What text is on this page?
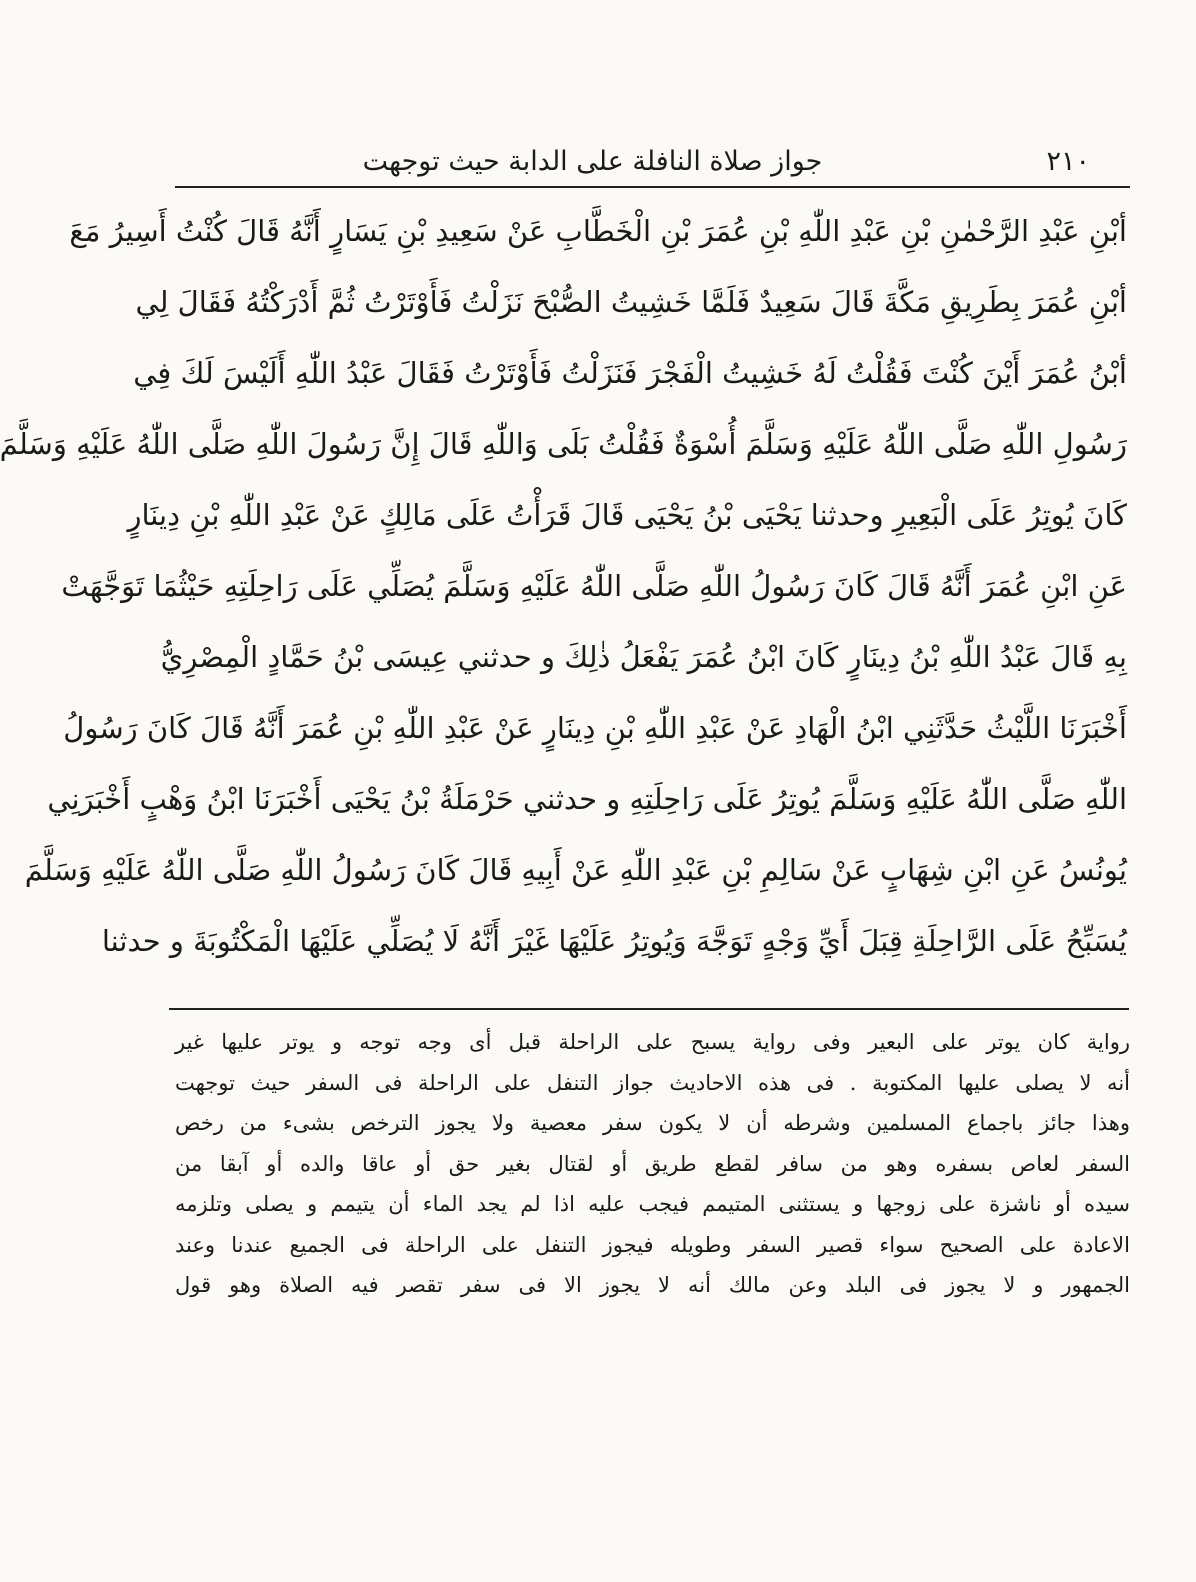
٢١٠
جواز صلاة النافلة على الدابة حيث توجهت
أبْنِ عَبْدِ الرَّحْمٰنِ بْنِ عَبْدِ اللّٰهِ بْنِ عُمَرَ بْنِ الْخَطَّابِ عَنْ سَعِيدِ بْنِ يَسَارٍ أَنَّهُ قَالَ كُنْتُ أَسِيرُ مَعَ
أبْنِ عُمَرَ بِطَرِيقِ مَكَّةَ قَالَ سَعِيدٌ فَلَمَّا خَشِيتُ الصُّبْحَ نَزَلْتُ فَأَوْتَرْتُ ثُمَّ أَدْرَكْتُهُ فَقَالَ لِي
أبْنُ عُمَرَ أَيْنَ كُنْتَ فَقُلْتُ لَهُ خَشِيتُ الْفَجْرَ فَنَزَلْتُ فَأَوْتَرْتُ فَقَالَ عَبْدُ اللّٰهِ أَلَيْسَ لَكَ فِي
رَسُولِ اللّٰهِ صَلَّى اللّٰهُ عَلَيْهِ وَسَلَّمَ أُسْوَةٌ فَقُلْتُ بَلَى وَاللّٰهِ قَالَ إِنَّ رَسُولَ اللّٰهِ صَلَّى اللّٰهُ عَلَيْهِ وَسَلَّمَ
كَانَ يُوتِرُ عَلَى الْبَعِيرِ وحدثنا يَحْيَى بْنُ يَحْيَى قَالَ قَرَأْتُ عَلَى مَالِكٍ عَنْ عَبْدِ اللّٰهِ بْنِ دِينَارٍ
عَنِ ابْنِ عُمَرَ أَنَّهُ قَالَ كَانَ رَسُولُ اللّٰهِ صَلَّى اللّٰهُ عَلَيْهِ وَسَلَّمَ يُصَلِّي عَلَى رَاحِلَتِهِ حَيْثُمَا تَوَجَّهَتْ
بِهِ قَالَ عَبْدُ اللّٰهِ بْنُ دِينَارٍ كَانَ ابْنُ عُمَرَ يَفْعَلُ ذٰلِكَ و حدثني عِيسَى بْنُ حَمَّادٍ الْمِصْرِيُّ
أَخْبَرَنَا اللَّيْثُ حَدَّثَنِي ابْنُ الْهَادِ عَنْ عَبْدِ اللّٰهِ بْنِ دِينَارٍ عَنْ عَبْدِ اللّٰهِ بْنِ عُمَرَ أَنَّهُ قَالَ كَانَ رَسُولُ
اللّٰهِ صَلَّى اللّٰهُ عَلَيْهِ وَسَلَّمَ يُوتِرُ عَلَى رَاحِلَتِهِ و حدثني حَرْمَلَةُ بْنُ يَحْيَى أَخْبَرَنَا ابْنُ وَهْبٍ أَخْبَرَنِي
يُونُسُ عَنِ ابْنِ شِهَابٍ عَنْ سَالِمِ بْنِ عَبْدِ اللّٰهِ عَنْ أَبِيهِ قَالَ كَانَ رَسُولُ اللّٰهِ صَلَّى اللّٰهُ عَلَيْهِ وَسَلَّمَ
يُسَبِّحُ عَلَى الرَّاحِلَةِ قِبَلَ أَيِّ وَجْهٍ تَوَجَّهَ وَيُوتِرُ عَلَيْهَا غَيْرَ أَنَّهُ لَا يُصَلِّي عَلَيْهَا الْمَكْتُوبَةَ و حدثنا
رواية كان يوتر على البعير وفى رواية يسبح على الراحلة قبل أى وجه توجه و يوتر عليها غير
أنه لا يصلى عليها المكتوبة . فى هذه الاحاديث جواز التنفل على الراحلة فى السفر حيث توجهت
وهذا جائز باجماع المسلمين وشرطه أن لا يكون سفر معصية ولا يجوز الترخص بشىء من رخص
السفر لعاص بسفره وهو من سافر لقطع طريق أو لقتال بغير حق أو عاقا والده أو آبقا من
سيده أو ناشزة على زوجها و يستثنى المتيمم فيجب عليه اذا لم يجد الماء أن يتيمم و يصلى وتلزمه
الاعادة على الصحيح سواء قصير السفر وطويله فيجوز التنفل على الراحلة فى الجميع عندنا وعند
الجمهور و لا يجوز فى البلد وعن مالك أنه لا يجوز الا فى سفر تقصر فيه الصلاة وهو قول
